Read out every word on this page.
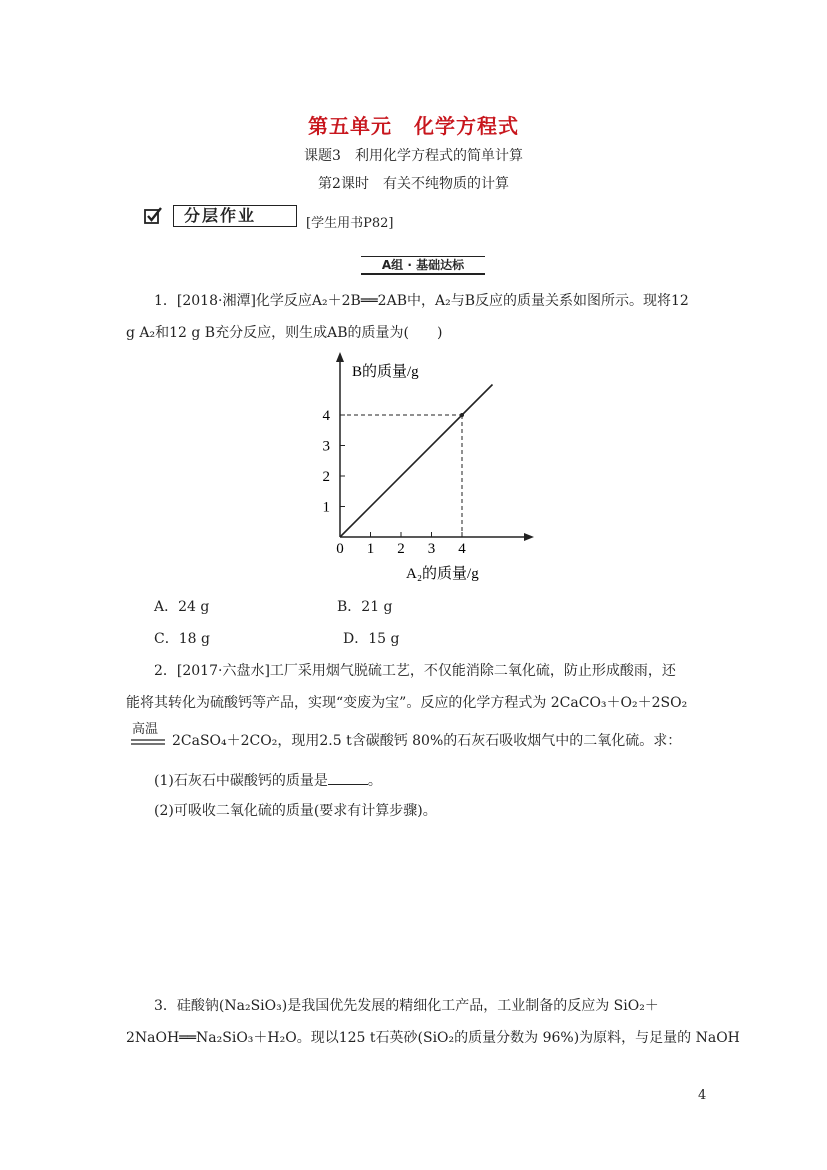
第五单元 化学方程式
课题3　利用化学方程式的简单计算
第2课时　有关不纯物质的计算
分层作业	[学生用书P82]
A组 · 基础达标
1．[2018·湘潭]化学反应A₂＋2B══2AB中，A₂与B反应的质量关系如图所示。现将12
g A₂和12 g B充分反应，则生成AB的质量为(　　)
B的质量/g
A₂的质量/g
0 1 2 3 4
1
2
3
4
A．24 g	B．21 g
C．18 g	D．15 g
2．[2017·六盘水]工厂采用烟气脱硫工艺，不仅能消除二氧化硫，防止形成酸雨，还
能将其转化为硫酸钙等产品，实现“变废为宝”。反应的化学方程式为 2CaCO₃＋O₂＋2SO₂
高温
2CaSO₄＋2CO₂，现用2.5 t含碳酸钙 80%的石灰石吸收烟气中的二氧化硫。求：
(1)石灰石中碳酸钙的质量是	。
(2)可吸收二氧化硫的质量(要求有计算步骤)。
3．硅酸钠(Na₂SiO₃)是我国优先发展的精细化工产品，工业制备的反应为 SiO₂＋
2NaOH══Na₂SiO₃＋H₂O。现以125 t石英砂(SiO₂的质量分数为 96%)为原料，与足量的 NaOH
4
